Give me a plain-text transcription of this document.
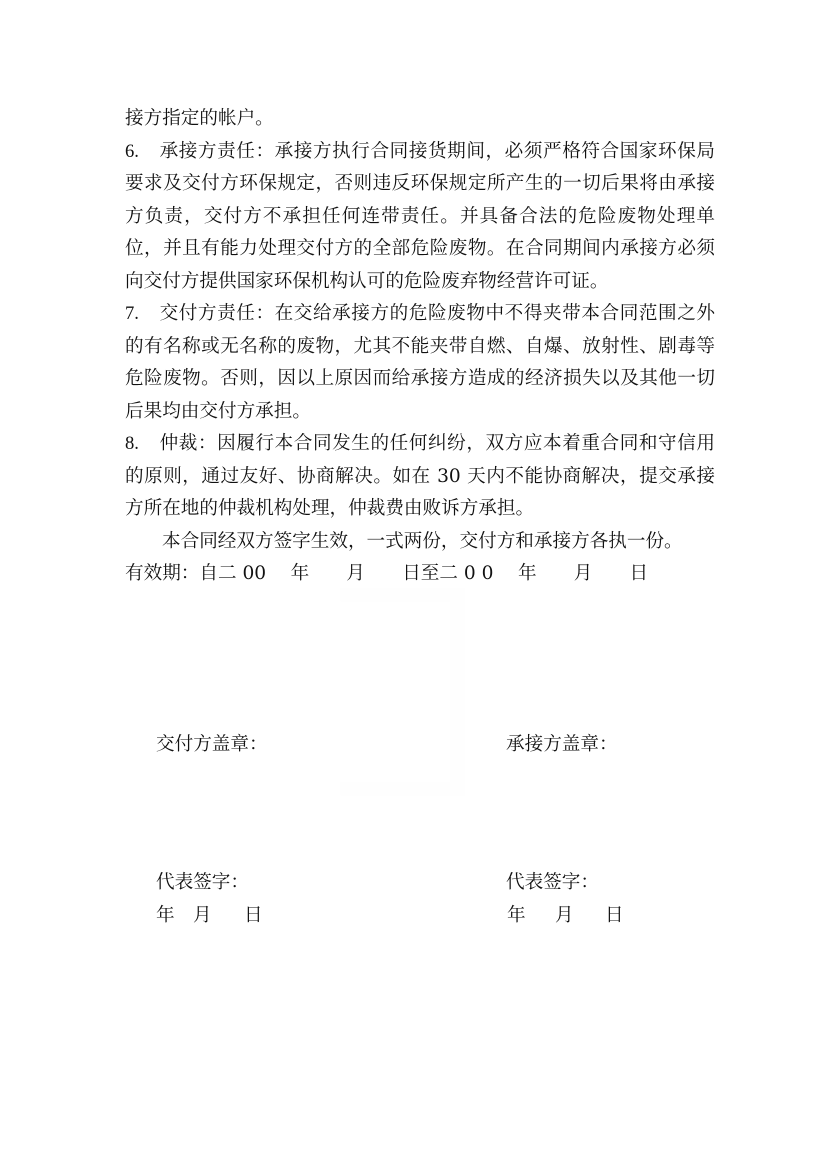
接方指定的帐户。

6. 承接方责任：承接方执行合同接货期间，必须严格符合国家环保局要求及交付方环保规定，否则违反环保规定所产生的一切后果将由承接方负责，交付方不承担任何连带责任。并具备合法的危险废物处理单位，并且有能力处理交付方的全部危险废物。在合同期间内承接方必须向交付方提供国家环保机构认可的危险废弃物经营许可证。

7. 交付方责任：在交给承接方的危险废物中不得夹带本合同范围之外的有名称或无名称的废物，尤其不能夹带自燃、自爆、放射性、剧毒等危险废物。否则，因以上原因而给承接方造成的经济损失以及其他一切后果均由交付方承担。

8. 仲裁：因履行本合同发生的任何纠纷，双方应本着重合同和守信用的原则，通过友好、协商解决。如在 30 天内不能协商解决，提交承接方所在地的仲裁机构处理，仲裁费由败诉方承担。

本合同经双方签字生效，一式两份，交付方和承接方各执一份。

有效期：自二 00　 年　　月　　日至二 0 0　 年　　月　　日

交付方盖章：
代表签字：
年 月	日
承接方盖章：
代表签字：
年	月	日
